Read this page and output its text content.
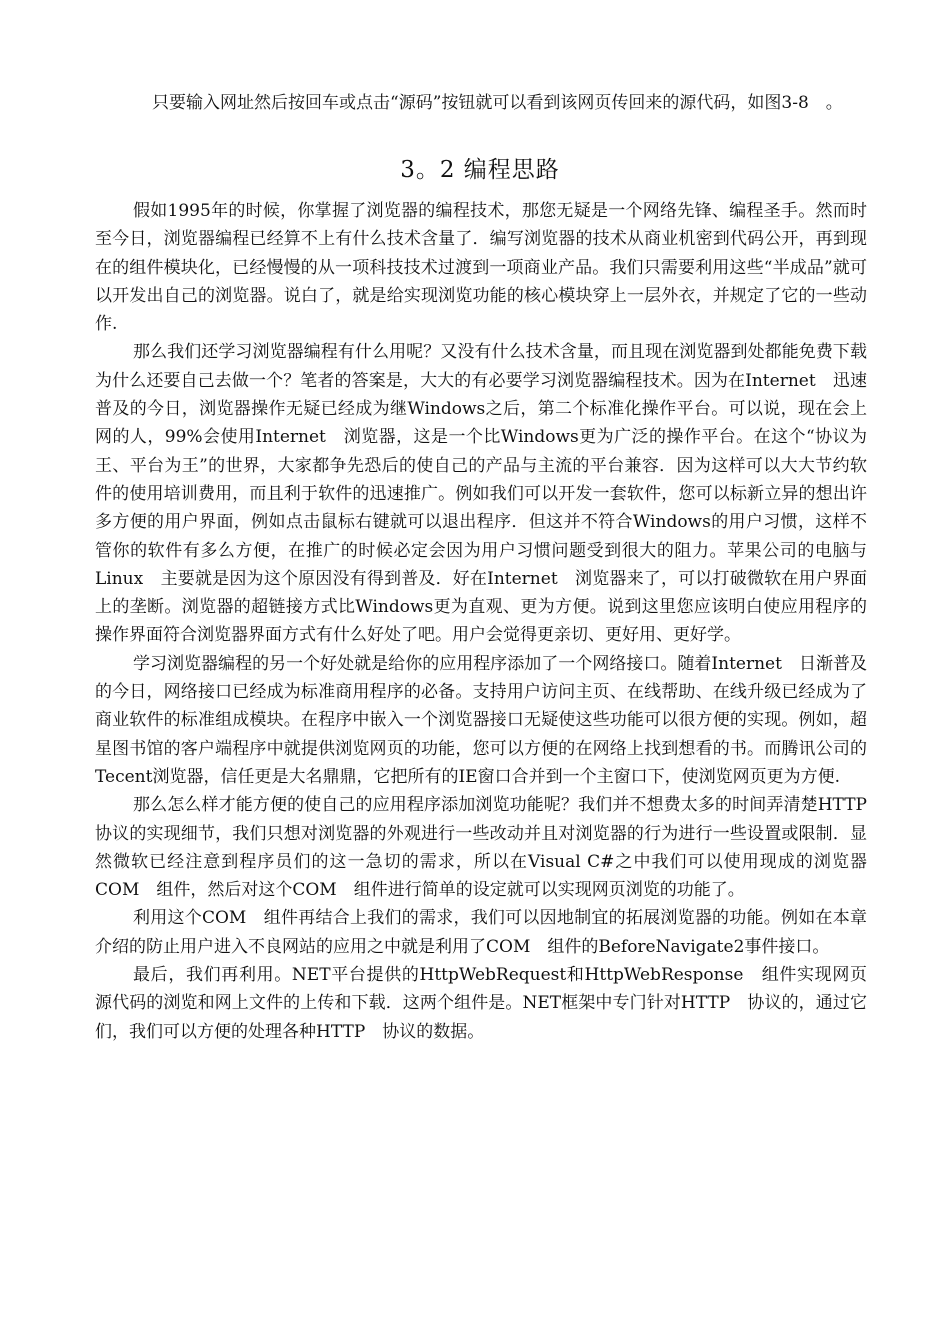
只要输入网址然后按回车或点击“源码”按钮就可以看到该网页传回来的源代码，如图3-8　。

3。2 编程思路

假如1995年的时候，你掌握了浏览器的编程技术，那您无疑是一个网络先锋、编程圣手。然而时至今日，浏览器编程已经算不上有什么技术含量了．编写浏览器的技术从商业机密到代码公开，再到现在的组件模块化，已经慢慢的从一项科技技术过渡到一项商业产品。我们只需要利用这些“半成品”就可以开发出自己的浏览器。说白了，就是给实现浏览功能的核心模块穿上一层外衣，并规定了它的一些动作.

那么我们还学习浏览器编程有什么用呢？又没有什么技术含量，而且现在浏览器到处都能免费下载为什么还要自己去做一个？笔者的答案是，大大的有必要学习浏览器编程技术。因为在Internet　迅速普及的今日，浏览器操作无疑已经成为继Windows之后，第二个标准化操作平台。可以说，现在会上网的人，99%会使用Internet　浏览器，这是一个比Windows更为广泛的操作平台。在这个“协议为王、平台为王”的世界，大家都争先恐后的使自己的产品与主流的平台兼容．因为这样可以大大节约软件的使用培训费用，而且利于软件的迅速推广。例如我们可以开发一套软件，您可以标新立异的想出许多方便的用户界面，例如点击鼠标右键就可以退出程序．但这并不符合Windows的用户习惯，这样不管你的软件有多么方便，在推广的时候必定会因为用户习惯问题受到很大的阻力。苹果公司的电脑与Linux　主要就是因为这个原因没有得到普及．好在Internet　浏览器来了，可以打破微软在用户界面上的垄断。浏览器的超链接方式比Windows更为直观、更为方便。说到这里您应该明白使应用程序的操作界面符合浏览器界面方式有什么好处了吧。用户会觉得更亲切、更好用、更好学。

学习浏览器编程的另一个好处就是给你的应用程序添加了一个网络接口。随着Internet　日渐普及的今日，网络接口已经成为标准商用程序的必备。支持用户访问主页、在线帮助、在线升级已经成为了商业软件的标准组成模块。在程序中嵌入一个浏览器接口无疑使这些功能可以很方便的实现。例如，超星图书馆的客户端程序中就提供浏览网页的功能，您可以方便的在网络上找到想看的书。而腾讯公司的Tecent浏览器，信任更是大名鼎鼎，它把所有的IE窗口合并到一个主窗口下，使浏览网页更为方便.

那么怎么样才能方便的使自己的应用程序添加浏览功能呢？我们并不想费太多的时间弄清楚HTTP　协议的实现细节，我们只想对浏览器的外观进行一些改动并且对浏览器的行为进行一些设置或限制．显然微软已经注意到程序员们的这一急切的需求，所以在Visual C#之中我们可以使用现成的浏览器COM　组件，然后对这个COM　组件进行简单的设定就可以实现网页浏览的功能了。

利用这个COM　组件再结合上我们的需求，我们可以因地制宜的拓展浏览器的功能。例如在本章介绍的防止用户进入不良网站的应用之中就是利用了COM　组件的BeforeNavigate2事件接口。

最后，我们再利用。NET平台提供的HttpWebRequest和HttpWebResponse　组件实现网页源代码的浏览和网上文件的上传和下载．这两个组件是。NET框架中专门针对HTTP　协议的，通过它们，我们可以方便的处理各种HTTP　协议的数据。
